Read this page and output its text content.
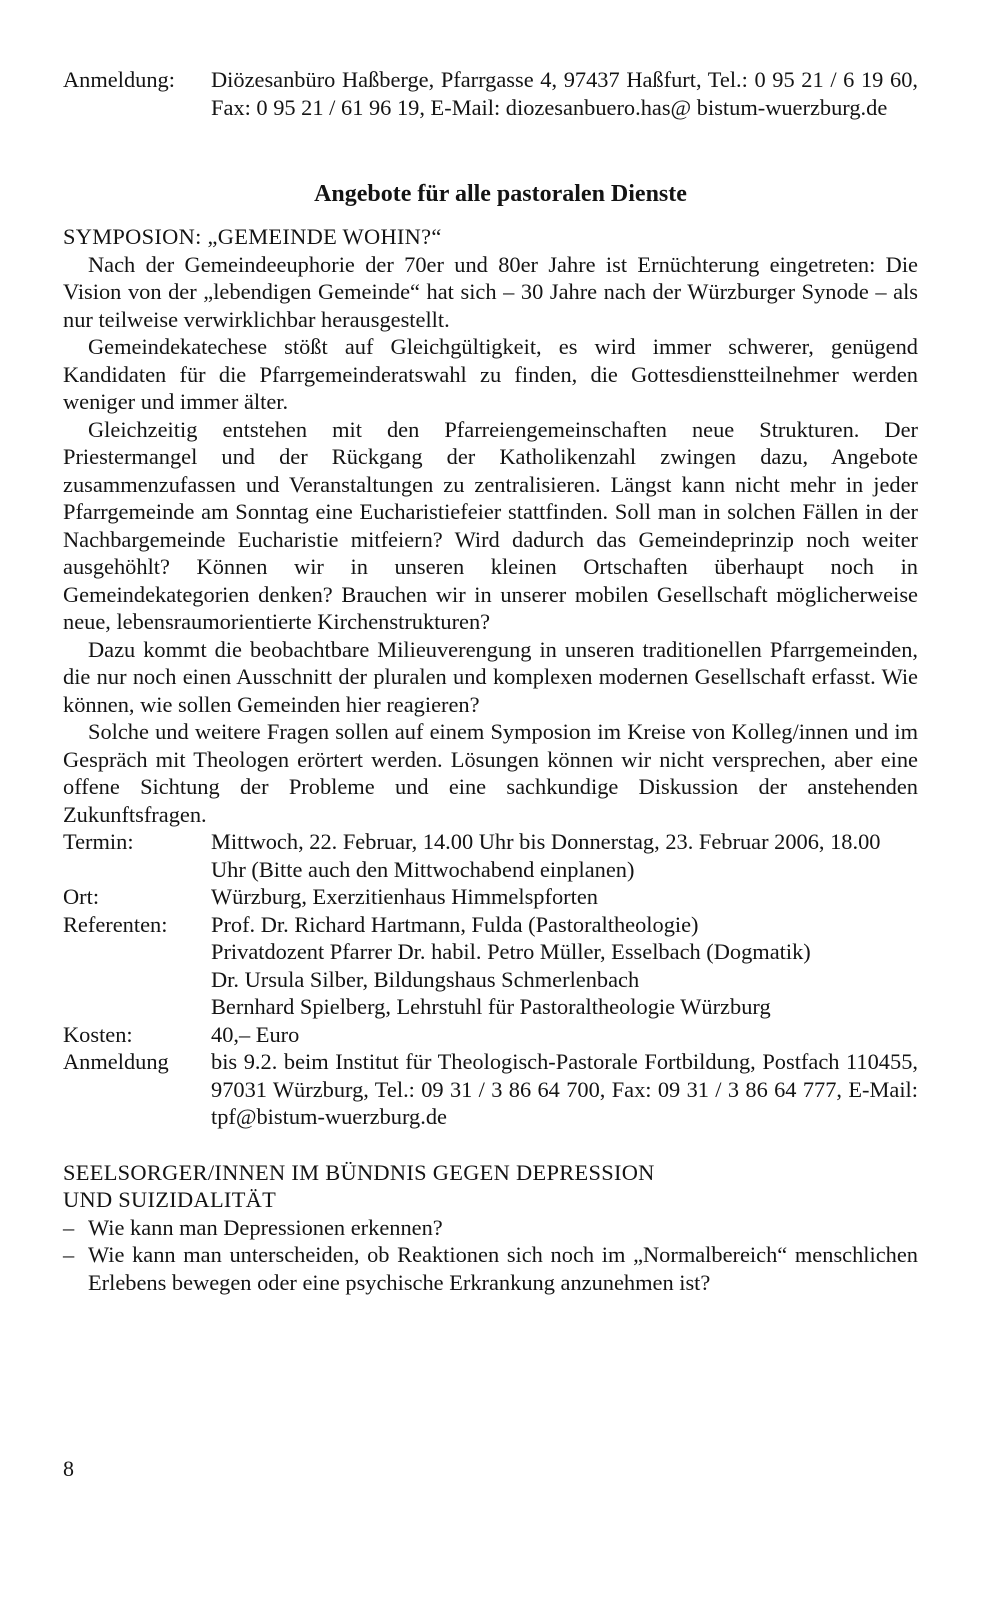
Anmeldung:	Diözesanbüro Haßberge, Pfarrgasse 4, 97437 Haßfurt, Tel.: 0 95 21 / 6 19 60, Fax: 0 95 21 / 61 96 19, E-Mail: diozesanbuero.has@ bistum-wuerzburg.de
Angebote für alle pastoralen Dienste
SYMPOSION: „GEMEINDE WOHIN?“

Nach der Gemeindeeuphorie der 70er und 80er Jahre ist Ernüchterung eingetreten: Die Vision von der „lebendigen Gemeinde“ hat sich – 30 Jahre nach der Würzburger Synode – als nur teilweise verwirklichbar herausgestellt.

Gemeindekatechese stößt auf Gleichgültigkeit, es wird immer schwerer, genügend Kandidaten für die Pfarrgemeinderatswahl zu finden, die Gottesdienstteilnehmer werden weniger und immer älter.

Gleichzeitig entstehen mit den Pfarreiengemeinschaften neue Strukturen. Der Priestermangel und der Rückgang der Katholikenzahl zwingen dazu, Angebote zusammenzufassen und Veranstaltungen zu zentralisieren. Längst kann nicht mehr in jeder Pfarrgemeinde am Sonntag eine Eucharistiefeier stattfinden. Soll man in solchen Fällen in der Nachbargemeinde Eucharistie mitfeiern? Wird dadurch das Gemeindeprinzip noch weiter ausgehöhlt? Können wir in unseren kleinen Ortschaften überhaupt noch in Gemeindekategorien denken? Brauchen wir in unserer mobilen Gesellschaft möglicherweise neue, lebensraumorientierte Kirchenstrukturen?

Dazu kommt die beobachtbare Milieuverengung in unseren traditionellen Pfarrgemeinden, die nur noch einen Ausschnitt der pluralen und komplexen modernen Gesellschaft erfasst. Wie können, wie sollen Gemeinden hier reagieren?

Solche und weitere Fragen sollen auf einem Symposion im Kreise von Kolleg/innen und im Gespräch mit Theologen erörtert werden. Lösungen können wir nicht versprechen, aber eine offene Sichtung der Probleme und eine sachkundige Diskussion der anstehenden Zukunftsfragen.

Termin:	Mittwoch, 22. Februar, 14.00 Uhr bis Donnerstag, 23. Februar 2006, 18.00 Uhr (Bitte auch den Mittwochabend einplanen)
Ort:	Würzburg, Exerzitienhaus Himmelspforten
Referenten:	Prof. Dr. Richard Hartmann, Fulda (Pastoraltheologie)
Privatdozent Pfarrer Dr. habil. Petro Müller, Esselbach (Dogmatik)
Dr. Ursula Silber, Bildungshaus Schmerlenbach
Bernhard Spielberg, Lehrstuhl für Pastoraltheologie Würzburg
Kosten:	40,– Euro
Anmeldung	bis 9.2. beim Institut für Theologisch-Pastorale Fortbildung, Postfach 110455, 97031 Würzburg, Tel.: 09 31 / 3 86 64 700, Fax: 09 31 / 3 86 64 777, E-Mail: tpf@bistum-wuerzburg.de
SEELSORGER/INNEN IM BÜNDNIS GEGEN DEPRESSION
UND SUIZIDALITÄT
– Wie kann man Depressionen erkennen?
– Wie kann man unterscheiden, ob Reaktionen sich noch im „Normalbereich“ menschlichen Erlebens bewegen oder eine psychische Erkrankung anzunehmen ist?
8
